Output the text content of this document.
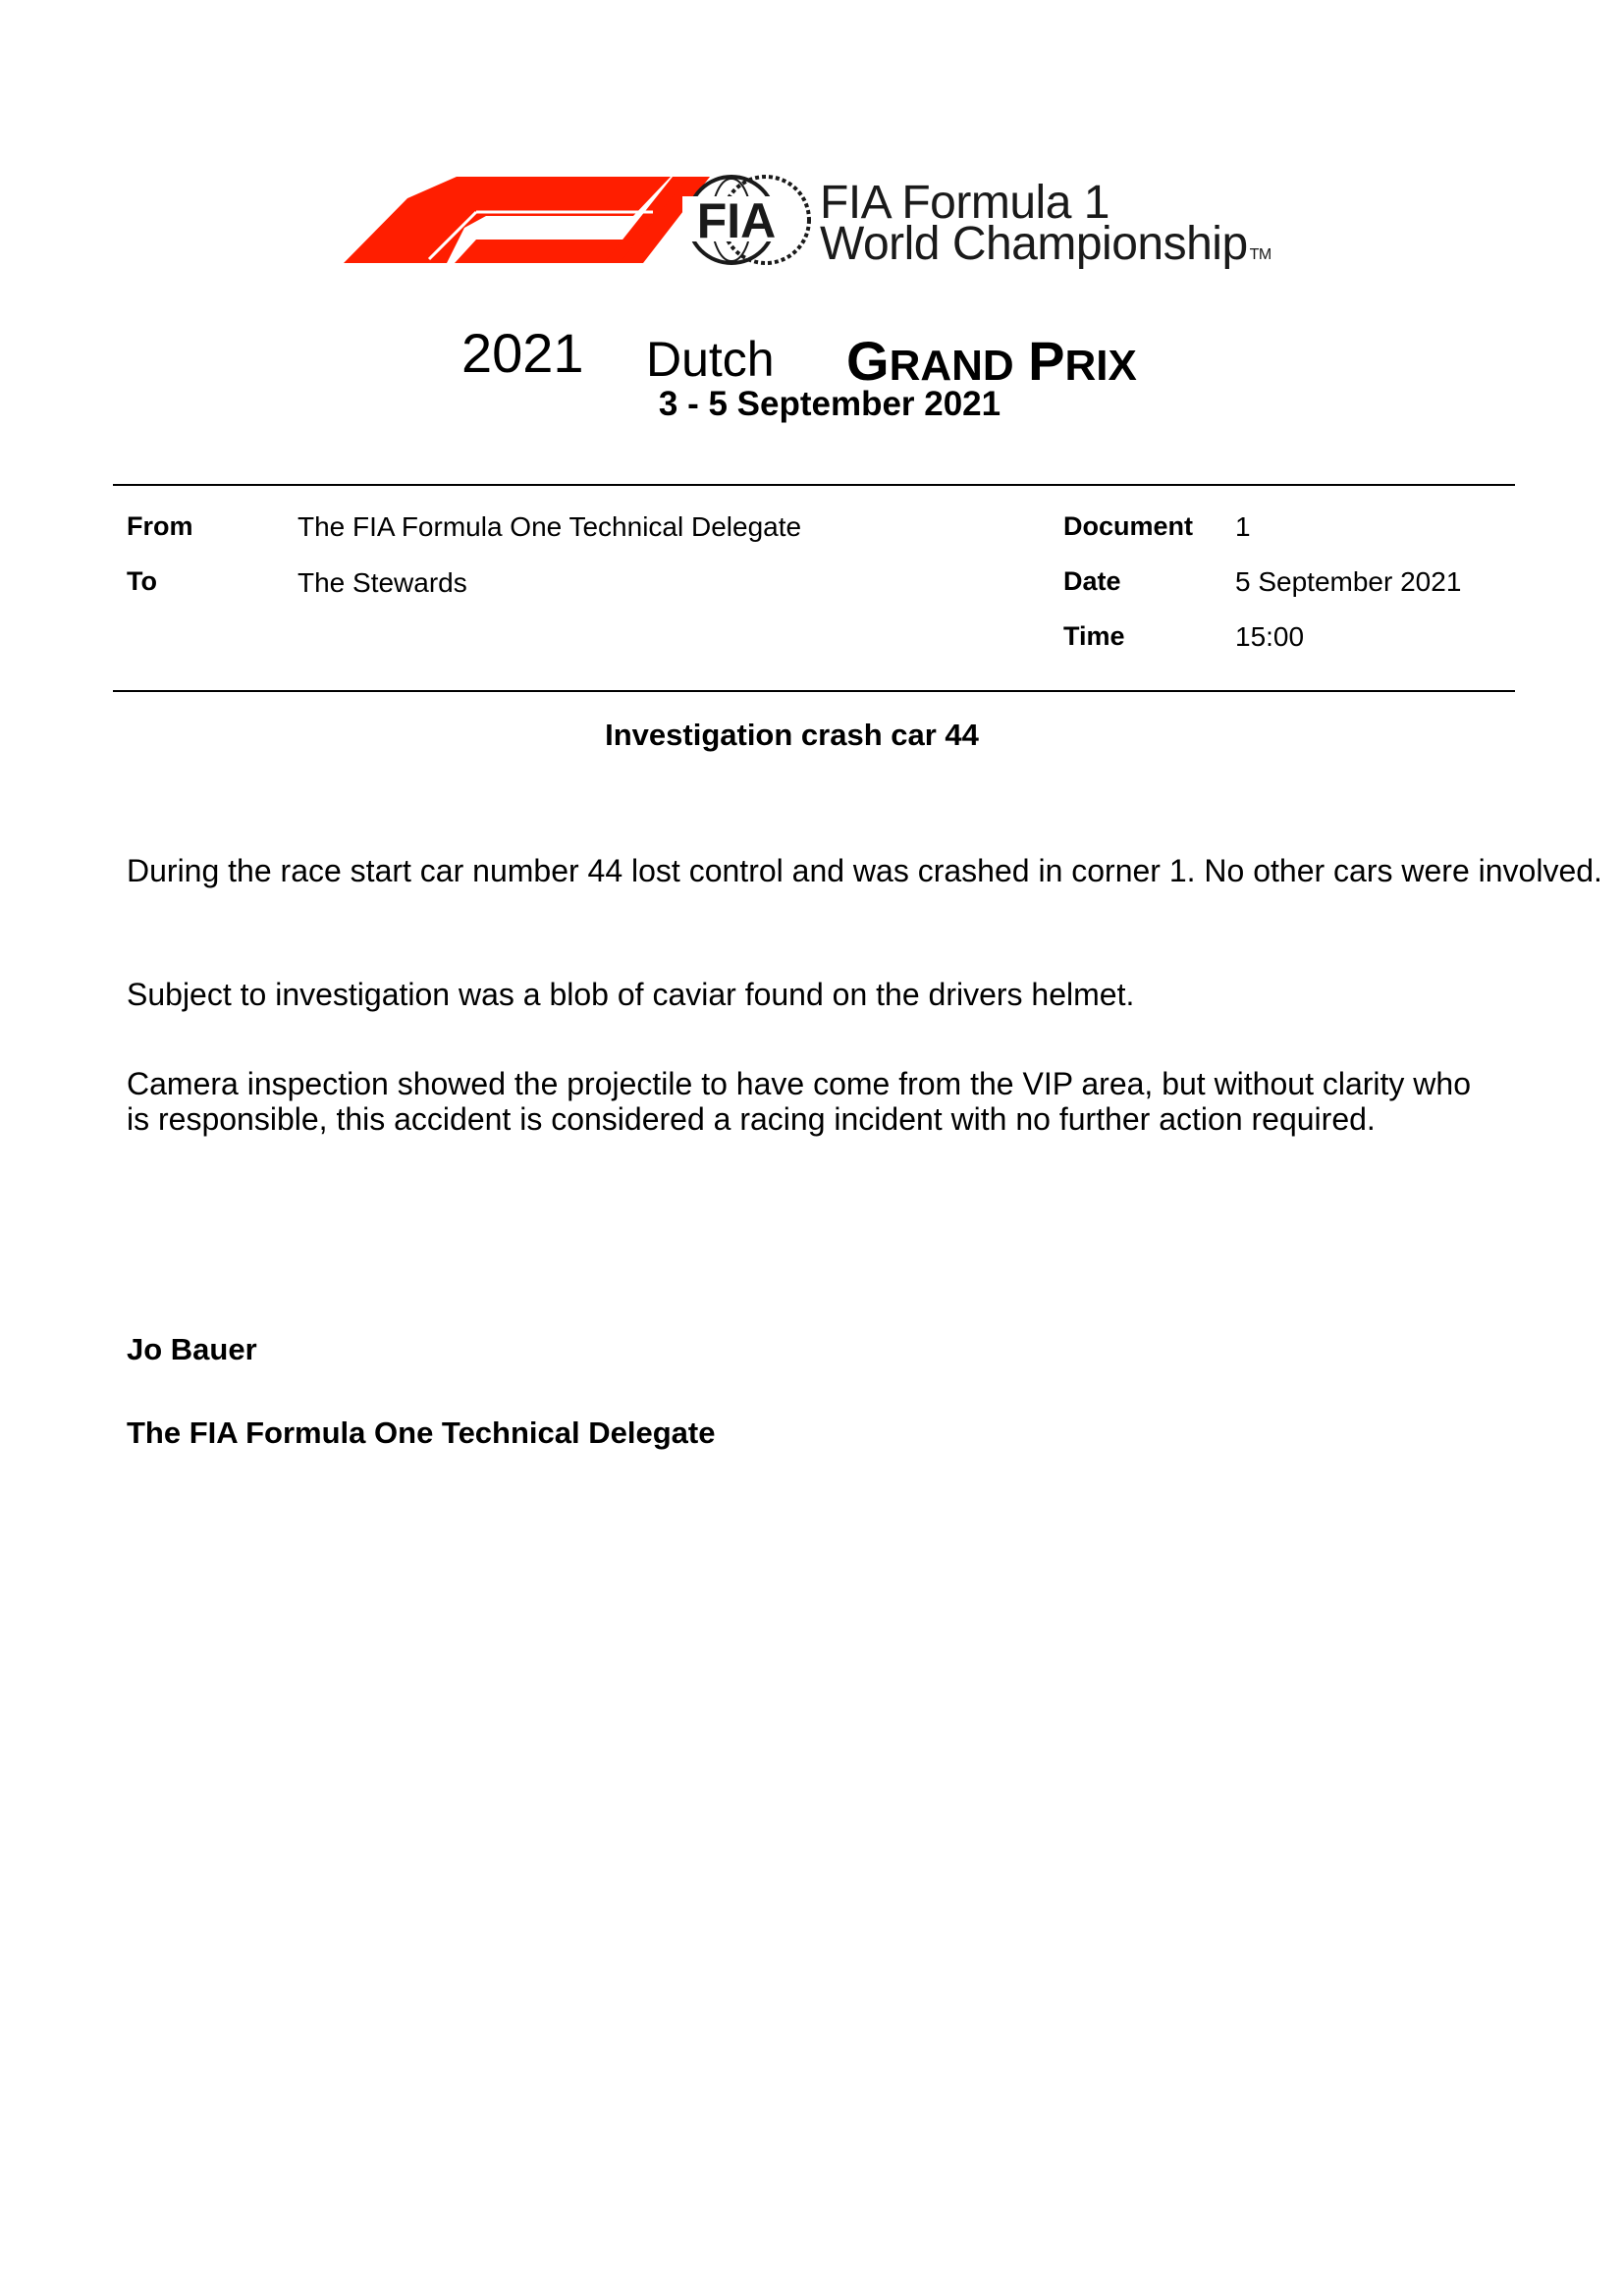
FIA FIA Formula 1
World Championship TM
2021 Dutch GRAND PRIX
3 - 5 September 2021
From	The FIA Formula One Technical Delegate
To	The Stewards
Document 1
Date	5 September 2021
Time	15:00
Investigation crash car 44
During the race start car number 44 lost control and was crashed in corner 1. No other cars were involved.
Subject to investigation was a blob of caviar found on the drivers helmet.
Camera inspection showed the projectile to have come from the VIP area, but without clarity who
is responsible, this accident is considered a racing incident with no further action required.
Jo Bauer
The FIA Formula One Technical Delegate
